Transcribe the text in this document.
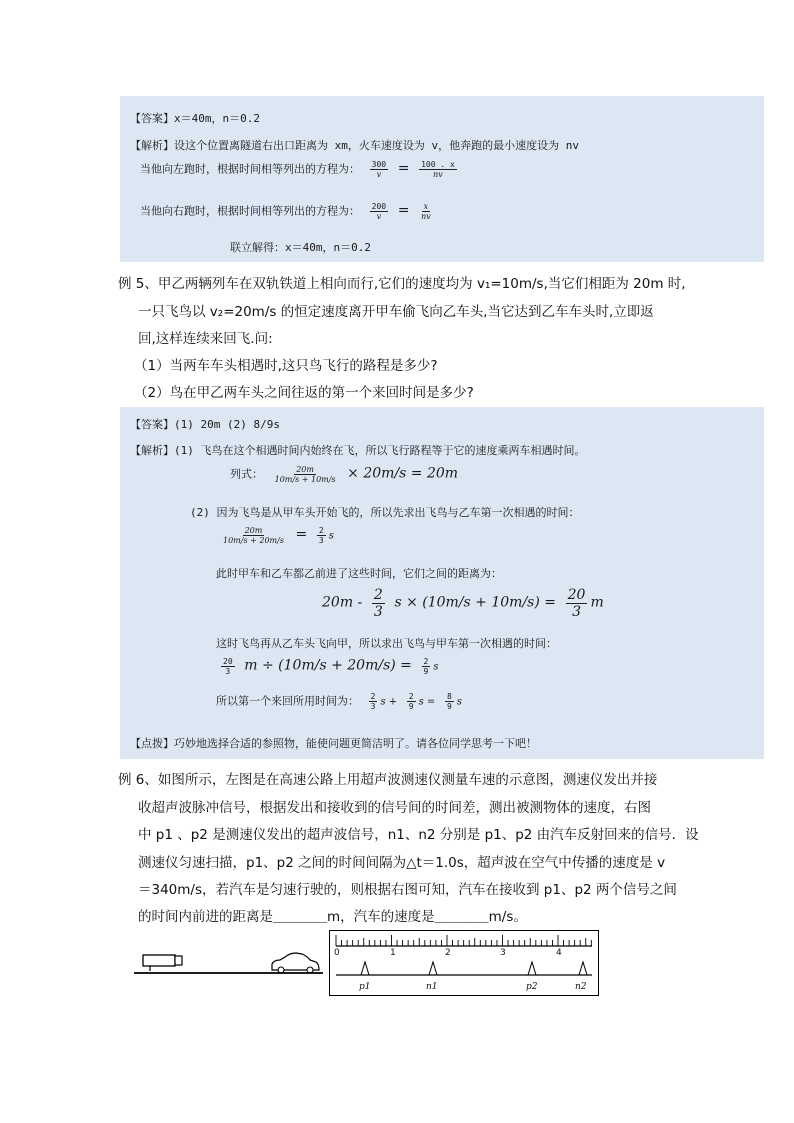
【答案】x＝40m，n＝0.2
【解析】设这个位置离隧道右出口距离为 xm，火车速度设为 v，他奔跑的最小速度设为 nv
当他向左跑时，根据时间相等列出的方程为： $\frac{300}{v} = \frac{100 . x}{nv}$
当他向右跑时，根据时间相等列出的方程为： $\frac{200}{v} = \frac{x}{nv}$
联立解得：x＝40m，n＝0.2
例 5、甲乙两辆列车在双轨铁道上相向而行,它们的速度均为 v₁=10m/s,当它们相距为 20m 时,
一只飞鸟以 v₂=20m/s 的恒定速度离开甲车偷飞向乙车头,当它达到乙车车头时,立即返
回,这样连续来回飞.问:
（1）当两车车头相遇时,这只鸟飞行的路程是多少?
（2）鸟在甲乙两车头之间往返的第一个来回时间是多少?
【答案】(1) 20m (2) 8/9s
【解析】(1) 飞鸟在这个相遇时间内始终在飞，所以飞行路程等于它的速度乘两车相遇时间。
列式： $\frac{20m}{10m/s + 10m/s} \times 20m/s = 20m$
(2) 因为飞鸟是从甲车头开始飞的，所以先求出飞鸟与乙车第一次相遇的时间：
$\frac{20m}{10m/s + 20m/s} = \frac{2}{3}$ s
此时甲车和乙车都乙前进了这些时间，它们之间的距离为：
$20m - \frac{2}{3}$ $s \times (10m/s + 10m/s) = \frac{20}{3}$ m
这时飞鸟再从乙车头飞向甲，所以求出飞鸟与甲车第一次相遇的时间：
$\frac{20}{3}$ $m \div (10m/s + 20m/s) = \frac{2}{9}$ s
所以第一个来回所用时间为： $\frac{2}{3}$ $s + \frac{2}{9}$ $s = \frac{8}{9}$ s
【点拨】巧妙地选择合适的参照物，能使问题更简洁明了。请各位同学思考一下吧！
例 6、如图所示，左图是在高速公路上用超声波测速仪测量车速的示意图，测速仪发出并接
收超声波脉冲信号，根据发出和接收到的信号间的时间差，测出被测物体的速度，右图
中 p1 、p2 是测速仪发出的超声波信号，n1、n2 分别是 p1、p2 由汽车反射回来的信号．设
测速仪匀速扫描，p1、p2 之间的时间间隔为△t＝1.0s，超声波在空气中传播的速度是 v
＝340m/s，若汽车是匀速行驶的，则根据右图可知，汽车在接收到 p1、p2 两个信号之间
的时间内前进的距离是＿＿＿＿m，汽车的速度是＿＿＿＿m/s。
0	1	2	3	4
p1	n1	p2	n2
